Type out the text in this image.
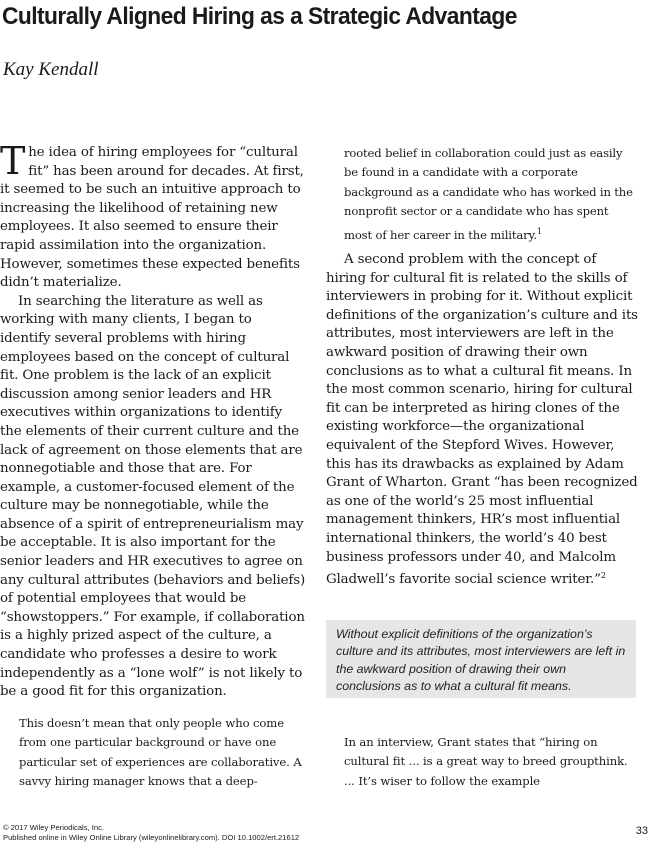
Culturally Aligned Hiring as a Strategic Advantage
Kay Kendall

The idea of hiring employees for “cultural fit” has been around for decades. At first, it seemed to be such an intuitive approach to increasing the likelihood of retaining new employees. It also seemed to ensure their rapid assimilation into the organization. However, sometimes these expected benefits didn’t materialize.

In searching the literature as well as working with many clients, I began to identify several problems with hiring employees based on the concept of cultural fit. One problem is the lack of an explicit discussion among senior leaders and HR executives within organizations to identify the elements of their current culture and the lack of agreement on those elements that are nonnegotiable and those that are. For example, a customer-focused element of the culture may be nonnegotiable, while the absence of a spirit of entrepreneurialism may be acceptable. It is also important for the senior leaders and HR executives to agree on any cultural attributes (behaviors and beliefs) of potential employees that would be “showstoppers.” For example, if collaboration is a highly prized aspect of the culture, a candidate who professes a desire to work independently as a “lone wolf” is not likely to be a good fit for this organization.

This doesn’t mean that only people who come from one particular background or have one particular set of experiences are collaborative. A savvy hiring manager knows that a deep-
rooted belief in collaboration could just as easily be found in a candidate with a corporate background as a candidate who has worked in the nonprofit sector or a candidate who has spent most of her career in the military.$^1$

A second problem with the concept of hiring for cultural fit is related to the skills of interviewers in probing for it. Without explicit definitions of the organization’s culture and its attributes, most interviewers are left in the awkward position of drawing their own conclusions as to what a cultural fit means. In the most common scenario, hiring for cultural fit can be interpreted as hiring clones of the existing workforce—the organizational equivalent of the Stepford Wives. However, this has its drawbacks as explained by Adam Grant of Wharton. Grant “has been recognized as one of the world’s 25 most influential management thinkers, HR’s most influential international thinkers, the world’s 40 best business professors under 40, and Malcolm Gladwell’s favorite social science writer.”$^2$

Without explicit definitions of the organization’s culture and its attributes, most interviewers are left in the awkward position of drawing their own conclusions as to what a cultural fit means.
In an interview, Grant states that “hiring on cultural fit ... is a great way to breed groupthink. ... It’s wiser to follow the example
© 2017 Wiley Periodicals, Inc.
Published online in Wiley Online Library (wileyonlinelibrary.com). DOI 10.1002/ert.21612
33
